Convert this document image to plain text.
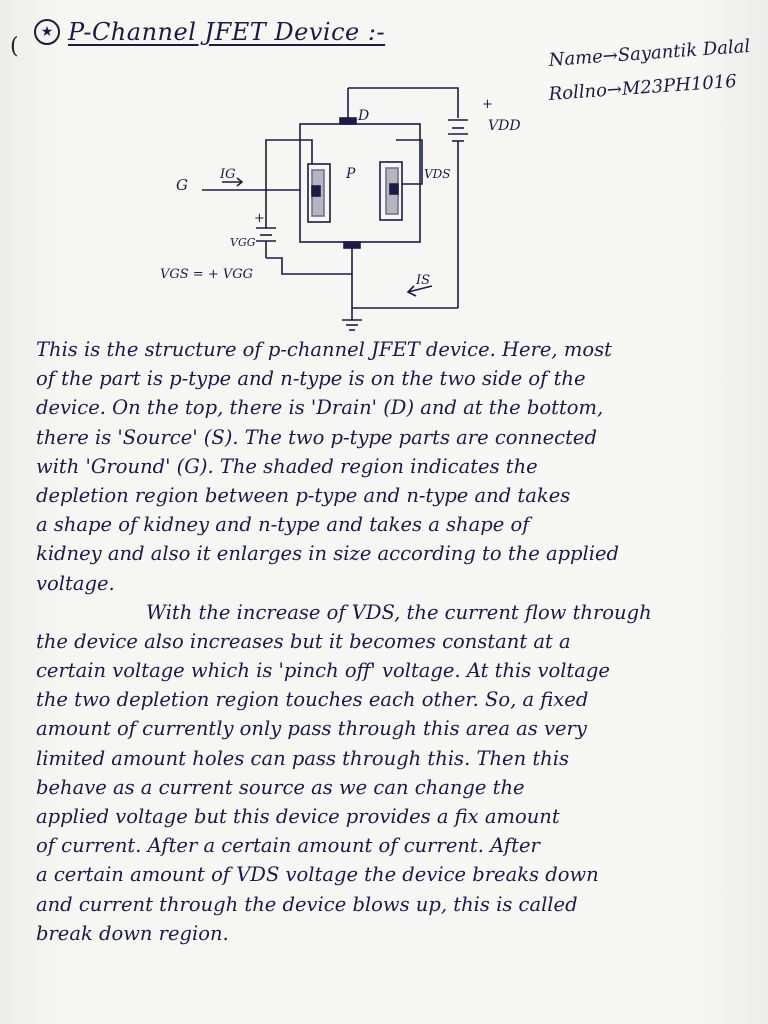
(
★ P-Channel JFET Device :-
Name→Sayantik Dalal
Rollno→M23PH1016
D
G
IG	P	VDS
+
VDD
+
VGG
VGS = + VGG	IS
This is the structure of p-channel JFET device. Here, most
of the part is p-type and n-type is on the two side of the
device. On the top, there is 'Drain' (D) and at the bottom,
there is 'Source' (S). The two p-type parts are connected
with 'Ground' (G). The shaded region indicates the
depletion region between p-type and n-type and takes
a shape of kidney and n-type and takes a shape of
kidney and also it enlarges in size according to the applied
voltage.
With the increase of VDS, the current flow through
the device also increases but it becomes constant at a
certain voltage which is 'pinch off' voltage. At this voltage
the two depletion region touches each other. So, a fixed
amount of currently only pass through this area as very
limited amount holes can pass through this. Then this
behave as a current source as we can change the
applied voltage but this device provides a fix amount
of current. After a certain amount of current. After
a certain amount of VDS voltage the device breaks down
and current through the device blows up, this is called
break down region.
